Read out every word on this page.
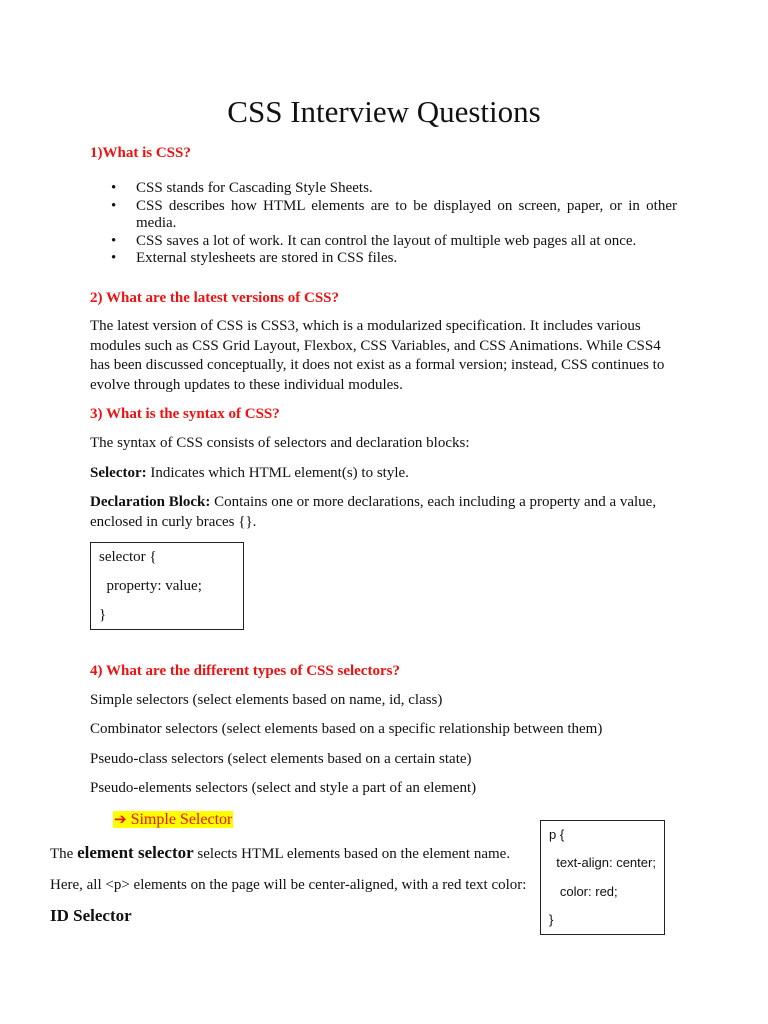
CSS Interview Questions
1)What is CSS?
• CSS stands for Cascading Style Sheets.
• CSS describes how HTML elements are to be displayed on screen, paper, or in other media.
• CSS saves a lot of work. It can control the layout of multiple web pages all at once.
• External stylesheets are stored in CSS files.
2) What are the latest versions of CSS?
The latest version of CSS is CSS3, which is a modularized specification. It includes various modules such as CSS Grid Layout, Flexbox, CSS Variables, and CSS Animations. While CSS4 has been discussed conceptually, it does not exist as a formal version; instead, CSS continues to evolve through updates to these individual modules.
3) What is the syntax of CSS?
The syntax of CSS consists of selectors and declaration blocks:
Selector: Indicates which HTML element(s) to style.
Declaration Block: Contains one or more declarations, each including a property and a value, enclosed in curly braces {}.
selector {
property: value;
}
4) What are the different types of CSS selectors?
Simple selectors (select elements based on name, id, class)
Combinator selectors (select elements based on a specific relationship between them)
Pseudo-class selectors (select elements based on a certain state)
Pseudo-elements selectors (select and style a part of an element)
➔ Simple Selector
The element selector selects HTML elements based on the element name.
Here, all <p> elements on the page will be center-aligned, with a red text color:
ID Selector
p {
text-align: center;
color: red;
}
